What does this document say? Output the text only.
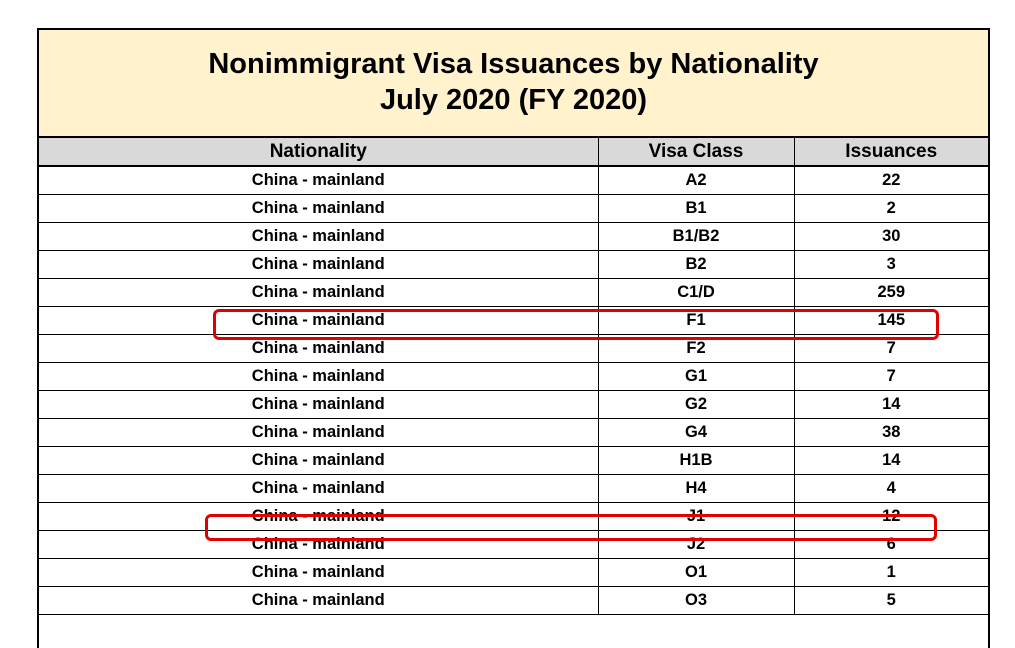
Nonimmigrant Visa Issuances by Nationality
July 2020 (FY 2020)
Nationality	Visa Class	Issuances
China - mainland	A2	22
China - mainland	B1	2
China - mainland	B1/B2	30
China - mainland	B2	3
China - mainland	C1/D	259
China - mainland	F1	145
China - mainland	F2	7
China - mainland	G1	7
China - mainland	G2	14
China - mainland	G4	38
China - mainland	H1B	14
China - mainland	H4	4
China - mainland	J1	12
China - mainland	J2	6
China - mainland	O1	1
China - mainland	O3	5
